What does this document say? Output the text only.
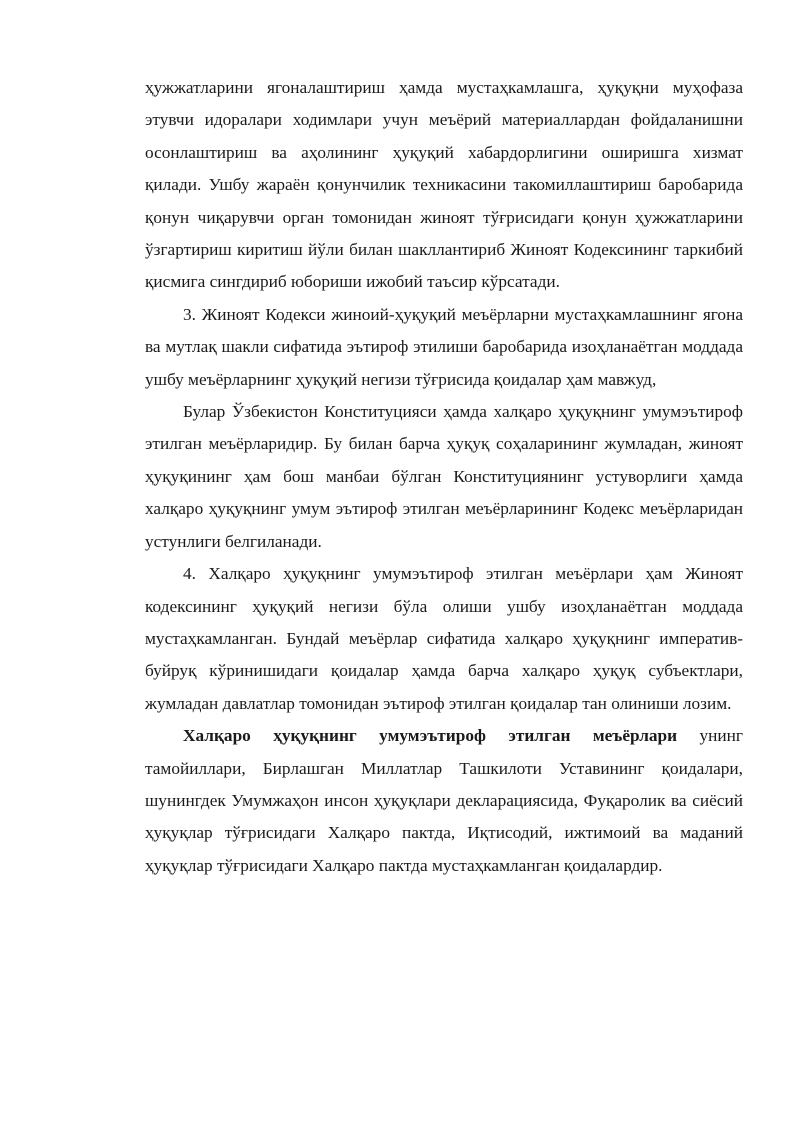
ҳужжатларини ягоналаштириш ҳамда мустаҳкамлашга, ҳуқуқни муҳофаза этувчи идоралари ходимлари учун меъёрий материаллардан фойдаланишни осонлаштириш ва аҳолининг ҳуқуқий хабардорлигини оширишга хизмат қилади. Ушбу жараён қонунчилик техникасини такомиллаштириш баробарида қонун чиқарувчи орган томонидан жиноят тўғрисидаги қонун ҳужжатларини ўзгартириш киритиш йўли билан шакллантириб Жиноят Кодексининг таркибий қисмига сингдириб юбориши ижобий таъсир кўрсатади.

3. Жиноят Кодекси жиноий-ҳуқуқий меъёрларни мустаҳкамлашнинг ягона ва мутлақ шакли сифатида эътироф этилиши баробарида изоҳланаётган моддада ушбу меъёрларнинг ҳуқуқий негизи тўғрисида қоидалар ҳам мавжуд,

Булар Ўзбекистон Конституцияси ҳамда халқаро ҳуқуқнинг умумэътироф этилган меъёрларидир. Бу билан барча ҳуқуқ соҳаларининг жумладан, жиноят ҳуқуқининг ҳам бош манбаи бўлган Конституциянинг устуворлиги ҳамда халқаро ҳуқуқнинг умум эътироф этилган меъёрларининг Кодекс меъёрларидан устунлиги белгиланади.

4. Халқаро ҳуқуқнинг умумэътироф этилган меъёрлари ҳам Жиноят кодексининг ҳуқуқий негизи бўла олиши ушбу изоҳланаётган моддада мустаҳкамланган. Бундай меъёрлар сифатида халқаро ҳуқуқнинг императив-буйруқ кўринишидаги қоидалар ҳамда барча халқаро ҳуқуқ субъектлари, жумладан давлатлар томонидан эътироф этилган қоидалар тан олиниши лозим.

Халқаро ҳуқуқнинг умумэътироф этилган меъёрлари унинг тамойиллари, Бирлашган Миллатлар Ташкилоти Уставининг қоидалари, шунингдек Умумжаҳон инсон ҳуқуқлари декларациясида, Фуқаролик ва сиёсий ҳуқуқлар тўғрисидаги Халқаро пактда, Иқтисодий, ижтимоий ва маданий ҳуқуқлар тўғрисидаги Халқаро пактда мустаҳкамланган қоидалардир.
